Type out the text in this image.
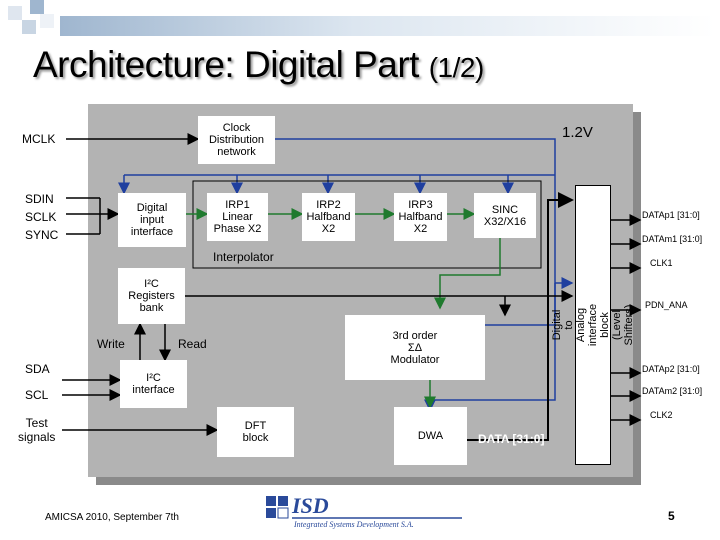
Architecture: Digital Part (1/2)
Clock
Distribution
network
Digital
input
interface
IRP1
Linear
Phase X2
IRP2
Halfband
X2
IRP3
Halfband
X2
SINC
X32/X16
Interpolator
I²C
Registers
bank
3rd order
ΣΔ
Modulator
I²C
interface
DFT
block	DWA
Digital to Analog interface block
(Level Shifters)
MCLK	1.2V
SDIN
SCLK
SYNC
Write	Read
SDA
SCL
Test
signals	DATA [31:0]
DATAp1 [31:0]
DATAm1 [31:0]
CLK1
PDN_ANA
DATAp2 [31:0]
DATAm2 [31:0]
CLK2
ISD
Integrated Systems Development S.A.
AMICSA 2010, September 7th	5
